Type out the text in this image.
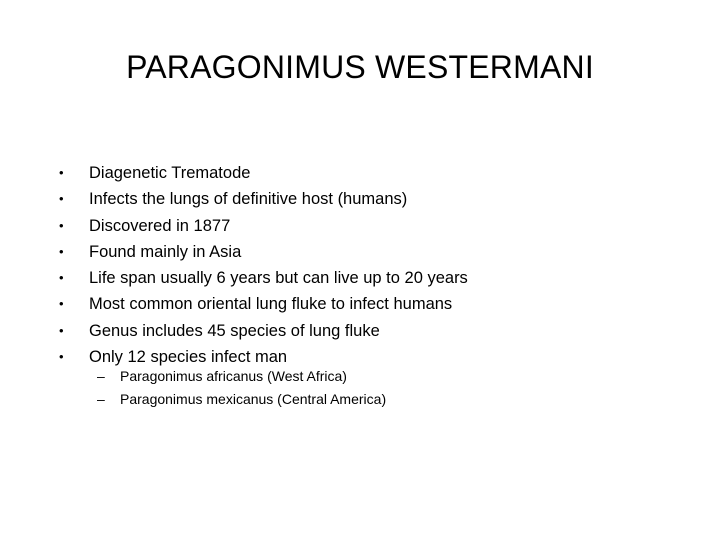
PARAGONIMUS WESTERMANI
• Diagenetic Trematode
• Infects the lungs of definitive host (humans)
• Discovered in 1877
• Found mainly in Asia
• Life span usually 6 years but can live up to 20 years
• Most common oriental lung fluke to infect humans
• Genus includes 45 species of lung fluke
• Only 12 species infect man
– Paragonimus africanus (West Africa)
– Paragonimus mexicanus (Central America)
